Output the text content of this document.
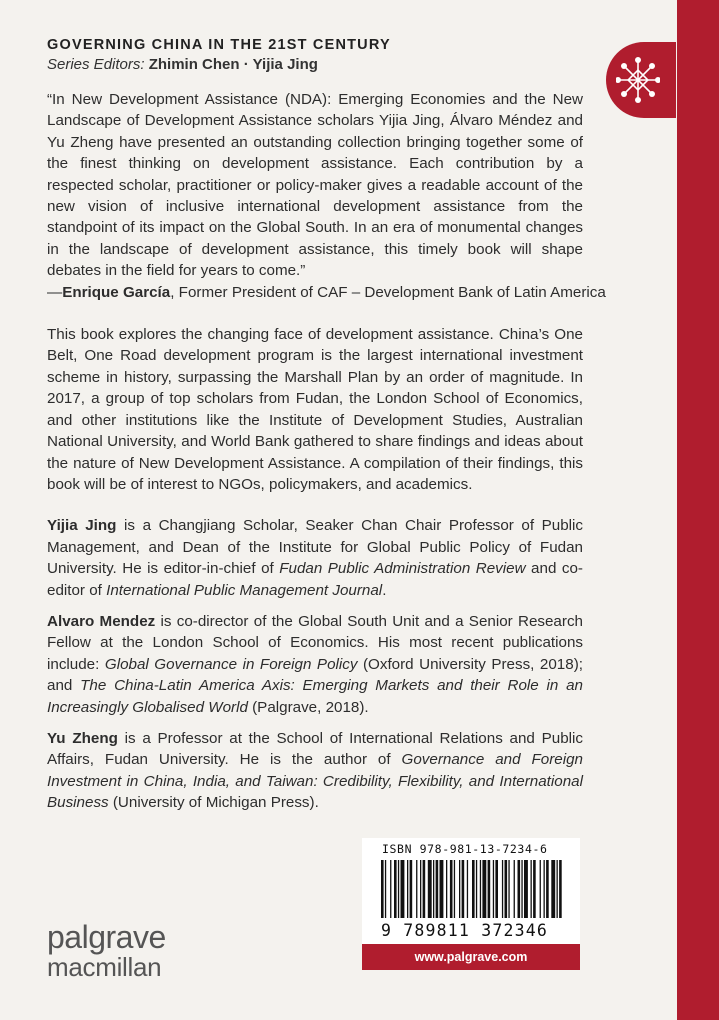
GOVERNING CHINA IN THE 21ST CENTURY

Series Editors: Zhimin Chen · Yijia Jing

“In New Development Assistance (NDA): Emerging Economies and the New Landscape of Development Assistance scholars Yijia Jing, Álvaro Méndez and Yu Zheng have presented an outstanding collection bringing together some of the finest thinking on development assistance. Each contribution by a respected scholar, practitioner or policy-maker gives a readable account of the new vision of inclusive international development assistance from the standpoint of its impact on the Global South. In an era of monumental changes in the landscape of development assistance, this timely book will shape debates in the field for years to come.”

—Enrique García, Former President of CAF – Development Bank of Latin America

This book explores the changing face of development assistance. China’s One Belt, One Road development program is the largest international investment scheme in history, surpassing the Marshall Plan by an order of magnitude. In 2017, a group of top scholars from Fudan, the London School of Economics, and other institutions like the Institute of Development Studies, Australian National University, and World Bank gathered to share findings and ideas about the nature of New Development Assistance. A compilation of their findings, this book will be of interest to NGOs, policymakers, and academics.

Yijia Jing is a Changjiang Scholar, Seaker Chan Chair Professor of Public Management, and Dean of the Institute for Global Public Policy of Fudan University. He is editor-in-chief of Fudan Public Administration Review and co-editor of International Public Management Journal.

Alvaro Mendez is co-director of the Global South Unit and a Senior Research Fellow at the London School of Economics. His most recent publications include: Global Governance in Foreign Policy (Oxford University Press, 2018); and The China-Latin America Axis: Emerging Markets and their Role in an Increasingly Globalised World (Palgrave, 2018).

Yu Zheng is a Professor at the School of International Relations and Public Affairs, Fudan University. He is the author of Governance and Foreign Investment in China, India, and Taiwan: Credibility, Flexibility, and International Business (University of Michigan Press).

ISBN 978-981-13-7234-6
9 789811 372346
www.palgrave.com
palgrave
macmillan
